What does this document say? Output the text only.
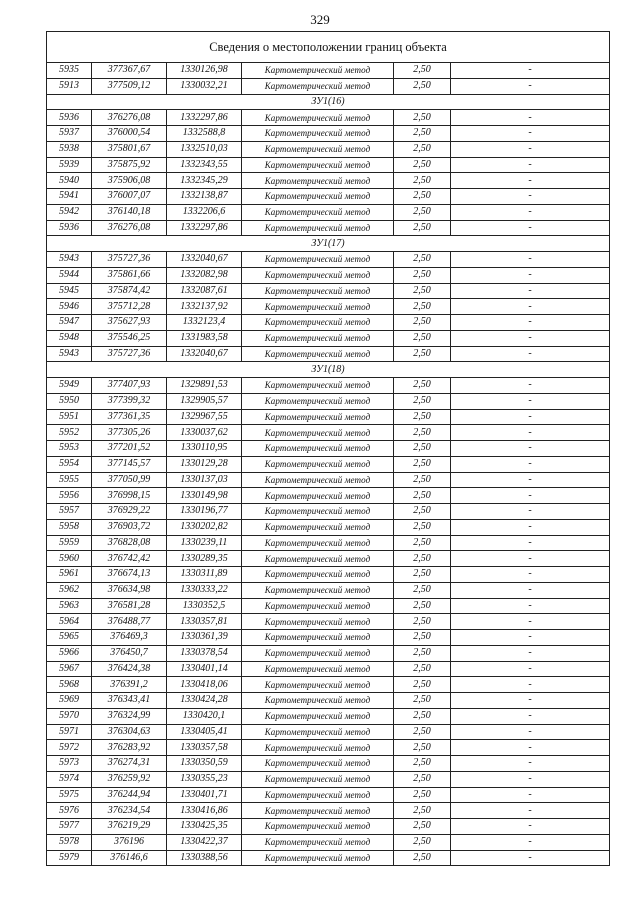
329
Сведения о местоположении границ объекта					
5935	377367,67	1330126,98	Картометрический метод	2,50	-
5913	377509,12	1330032,21	Картометрический метод	2,50	-
ЗУ1(16)					
5936	376276,08	1332297,86	Картометрический метод	2,50	-
5937	376000,54	1332588,8	Картометрический метод	2,50	-
5938	375801,67	1332510,03	Картометрический метод	2,50	-
5939	375875,92	1332343,55	Картометрический метод	2,50	-
5940	375906,08	1332345,29	Картометрический метод	2,50	-
5941	376007,07	1332138,87	Картометрический метод	2,50	-
5942	376140,18	1332206,6	Картометрический метод	2,50	-
5936	376276,08	1332297,86	Картометрический метод	2,50	-
ЗУ1(17)					
5943	375727,36	1332040,67	Картометрический метод	2,50	-
5944	375861,66	1332082,98	Картометрический метод	2,50	-
5945	375874,42	1332087,61	Картометрический метод	2,50	-
5946	375712,28	1332137,92	Картометрический метод	2,50	-
5947	375627,93	1332123,4	Картометрический метод	2,50	-
5948	375546,25	1331983,58	Картометрический метод	2,50	-
5943	375727,36	1332040,67	Картометрический метод	2,50	-
ЗУ1(18)					
5949	377407,93	1329891,53	Картометрический метод	2,50	-
5950	377399,32	1329905,57	Картометрический метод	2,50	-
5951	377361,35	1329967,55	Картометрический метод	2,50	-
5952	377305,26	1330037,62	Картометрический метод	2,50	-
5953	377201,52	1330110,95	Картометрический метод	2,50	-
5954	377145,57	1330129,28	Картометрический метод	2,50	-
5955	377050,99	1330137,03	Картометрический метод	2,50	-
5956	376998,15	1330149,98	Картометрический метод	2,50	-
5957	376929,22	1330196,77	Картометрический метод	2,50	-
5958	376903,72	1330202,82	Картометрический метод	2,50	-
5959	376828,08	1330239,11	Картометрический метод	2,50	-
5960	376742,42	1330289,35	Картометрический метод	2,50	-
5961	376674,13	1330311,89	Картометрический метод	2,50	-
5962	376634,98	1330333,22	Картометрический метод	2,50	-
5963	376581,28	1330352,5	Картометрический метод	2,50	-
5964	376488,77	1330357,81	Картометрический метод	2,50	-
5965	376469,3	1330361,39	Картометрический метод	2,50	-
5966	376450,7	1330378,54	Картометрический метод	2,50	-
5967	376424,38	1330401,14	Картометрический метод	2,50	-
5968	376391,2	1330418,06	Картометрический метод	2,50	-
5969	376343,41	1330424,28	Картометрический метод	2,50	-
5970	376324,99	1330420,1	Картометрический метод	2,50	-
5971	376304,63	1330405,41	Картометрический метод	2,50	-
5972	376283,92	1330357,58	Картометрический метод	2,50	-
5973	376274,31	1330350,59	Картометрический метод	2,50	-
5974	376259,92	1330355,23	Картометрический метод	2,50	-
5975	376244,94	1330401,71	Картометрический метод	2,50	-
5976	376234,54	1330416,86	Картометрический метод	2,50	-
5977	376219,29	1330425,35	Картометрический метод	2,50	-
5978	376196	1330422,37	Картометрический метод	2,50	-
5979	376146,6	1330388,56	Картометрический метод	2,50	-
